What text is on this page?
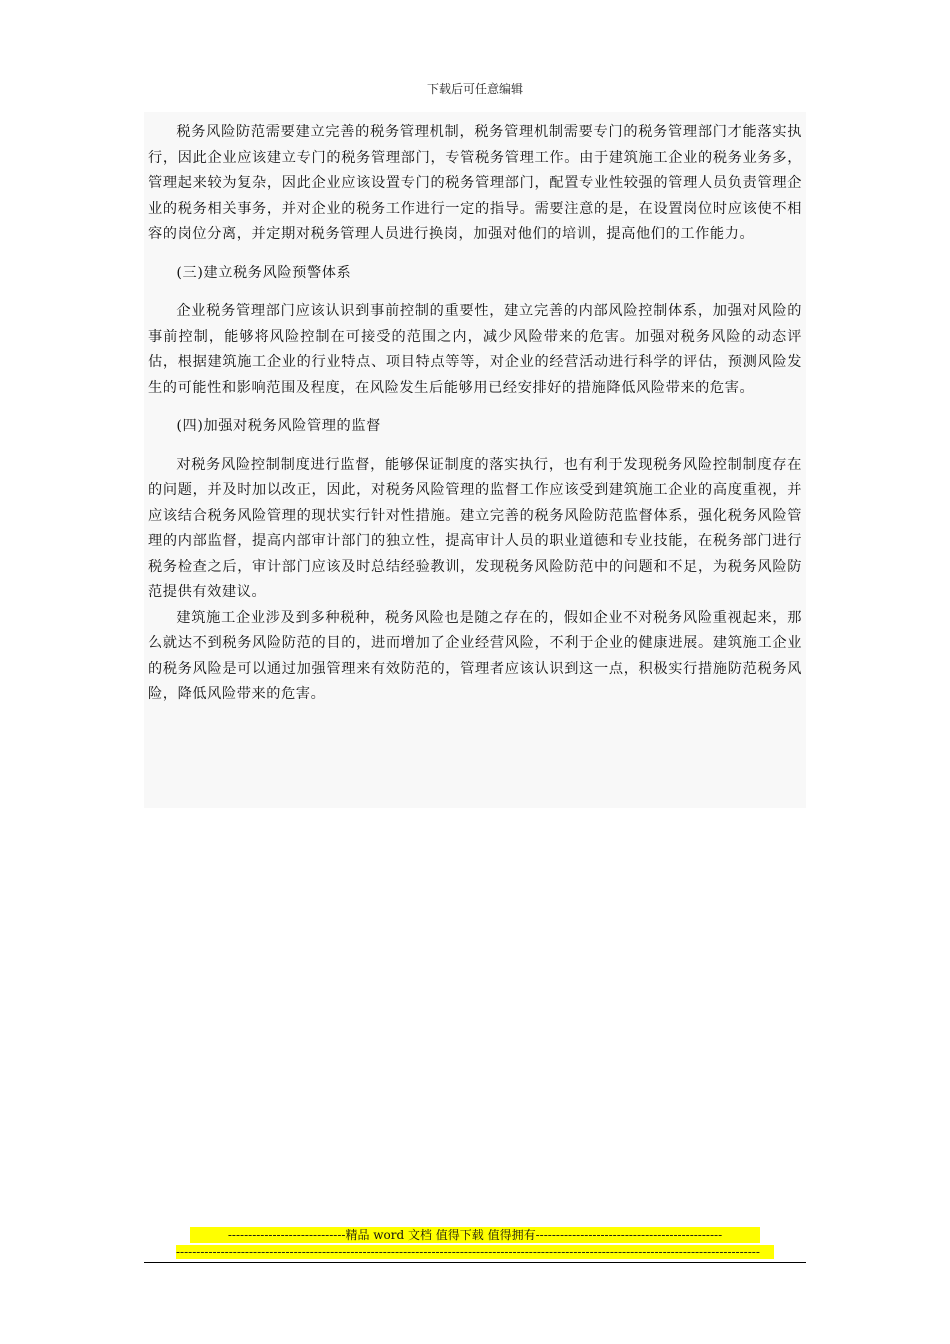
下载后可任意编辑

税务风险防范需要建立完善的税务管理机制，税务管理机制需要专门的税务管理部门才能落实执行，因此企业应该建立专门的税务管理部门，专管税务管理工作。由于建筑施工企业的税务业务多，管理起来较为复杂，因此企业应该设置专门的税务管理部门，配置专业性较强的管理人员负责管理企业的税务相关事务，并对企业的税务工作进行一定的指导。需要注意的是，在设置岗位时应该使不相容的岗位分离，并定期对税务管理人员进行换岗，加强对他们的培训，提高他们的工作能力。

(三)建立税务风险预警体系

企业税务管理部门应该认识到事前控制的重要性，建立完善的内部风险控制体系，加强对风险的事前控制，能够将风险控制在可接受的范围之内，减少风险带来的危害。加强对税务风险的动态评估，根据建筑施工企业的行业特点、项目特点等等，对企业的经营活动进行科学的评估，预测风险发生的可能性和影响范围及程度，在风险发生后能够用已经安排好的措施降低风险带来的危害。

(四)加强对税务风险管理的监督

对税务风险控制制度进行监督，能够保证制度的落实执行，也有利于发现税务风险控制制度存在的问题，并及时加以改正，因此，对税务风险管理的监督工作应该受到建筑施工企业的高度重视，并应该结合税务风险管理的现状实行针对性措施。建立完善的税务风险防范监督体系，强化税务风险管理的内部监督，提高内部审计部门的独立性，提高审计人员的职业道德和专业技能，在税务部门进行税务检查之后，审计部门应该及时总结经验教训，发现税务风险防范中的问题和不足，为税务风险防范提供有效建议。

建筑施工企业涉及到多种税种，税务风险也是随之存在的，假如企业不对税务风险重视起来，那么就达不到税务风险防范的目的，进而增加了企业经营风险，不利于企业的健康进展。建筑施工企业的税务风险是可以通过加强管理来有效防范的，管理者应该认识到这一点，积极实行措施防范税务风险，降低风险带来的危害。

-----------------------------精品 word 文档 值得下载 值得拥有----------------------------------------------
------------------------------------------------------------------------------------------------------------------------------------------------
